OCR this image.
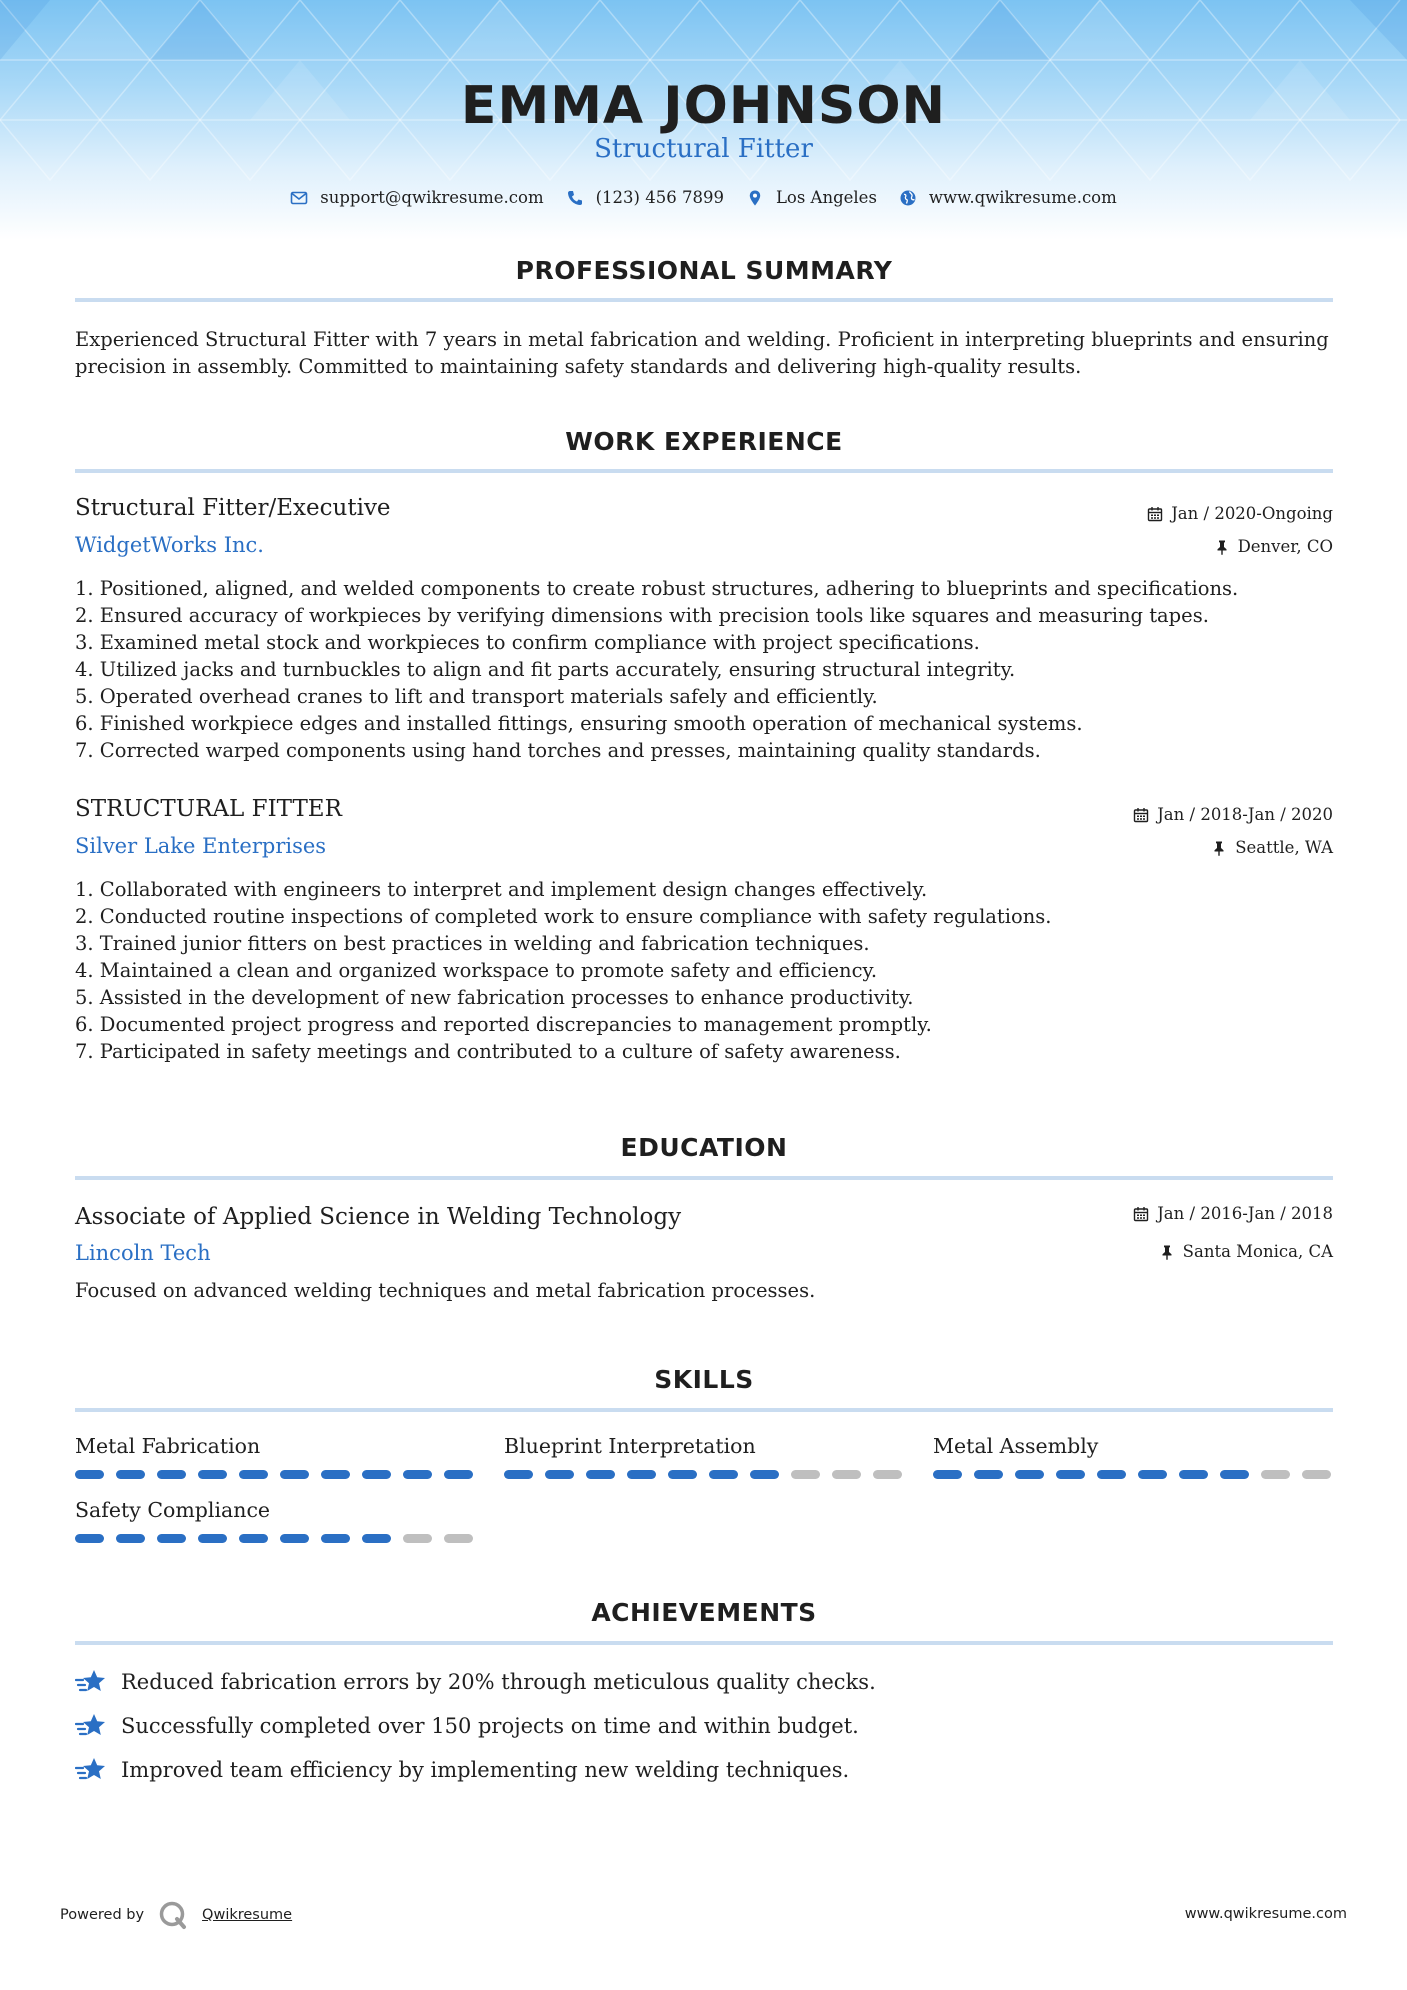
EMMA JOHNSON
Structural Fitter
support@qwikresume.com	(123) 456 7899	Los Angeles	www.qwikresume.com
PROFESSIONAL SUMMARY
Experienced Structural Fitter with 7 years in metal fabrication and welding. Proficient in interpreting blueprints and ensuring precision in assembly. Committed to maintaining safety standards and delivering high-quality results.
WORK EXPERIENCE
Structural Fitter/Executive	Jan / 2020-Ongoing
WidgetWorks Inc.	Denver, CO
1. Positioned, aligned, and welded components to create robust structures, adhering to blueprints and specifications.
2. Ensured accuracy of workpieces by verifying dimensions with precision tools like squares and measuring tapes.
3. Examined metal stock and workpieces to confirm compliance with project specifications.
4. Utilized jacks and turnbuckles to align and fit parts accurately, ensuring structural integrity.
5. Operated overhead cranes to lift and transport materials safely and efficiently.
6. Finished workpiece edges and installed fittings, ensuring smooth operation of mechanical systems.
7. Corrected warped components using hand torches and presses, maintaining quality standards.
STRUCTURAL FITTER	Jan / 2018-Jan / 2020
Silver Lake Enterprises	Seattle, WA
1. Collaborated with engineers to interpret and implement design changes effectively.
2. Conducted routine inspections of completed work to ensure compliance with safety regulations.
3. Trained junior fitters on best practices in welding and fabrication techniques.
4. Maintained a clean and organized workspace to promote safety and efficiency.
5. Assisted in the development of new fabrication processes to enhance productivity.
6. Documented project progress and reported discrepancies to management promptly.
7. Participated in safety meetings and contributed to a culture of safety awareness.
EDUCATION
Associate of Applied Science in Welding Technology	Jan / 2016-Jan / 2018
Lincoln Tech	Santa Monica, CA
Focused on advanced welding techniques and metal fabrication processes.
SKILLS
Metal Fabrication	Blueprint Interpretation	Metal Assembly
Safety Compliance
ACHIEVEMENTS
Reduced fabrication errors by 20% through meticulous quality checks.
Successfully completed over 150 projects on time and within budget.
Improved team efficiency by implementing new welding techniques.
Powered by	Qwikresume	www.qwikresume.com
